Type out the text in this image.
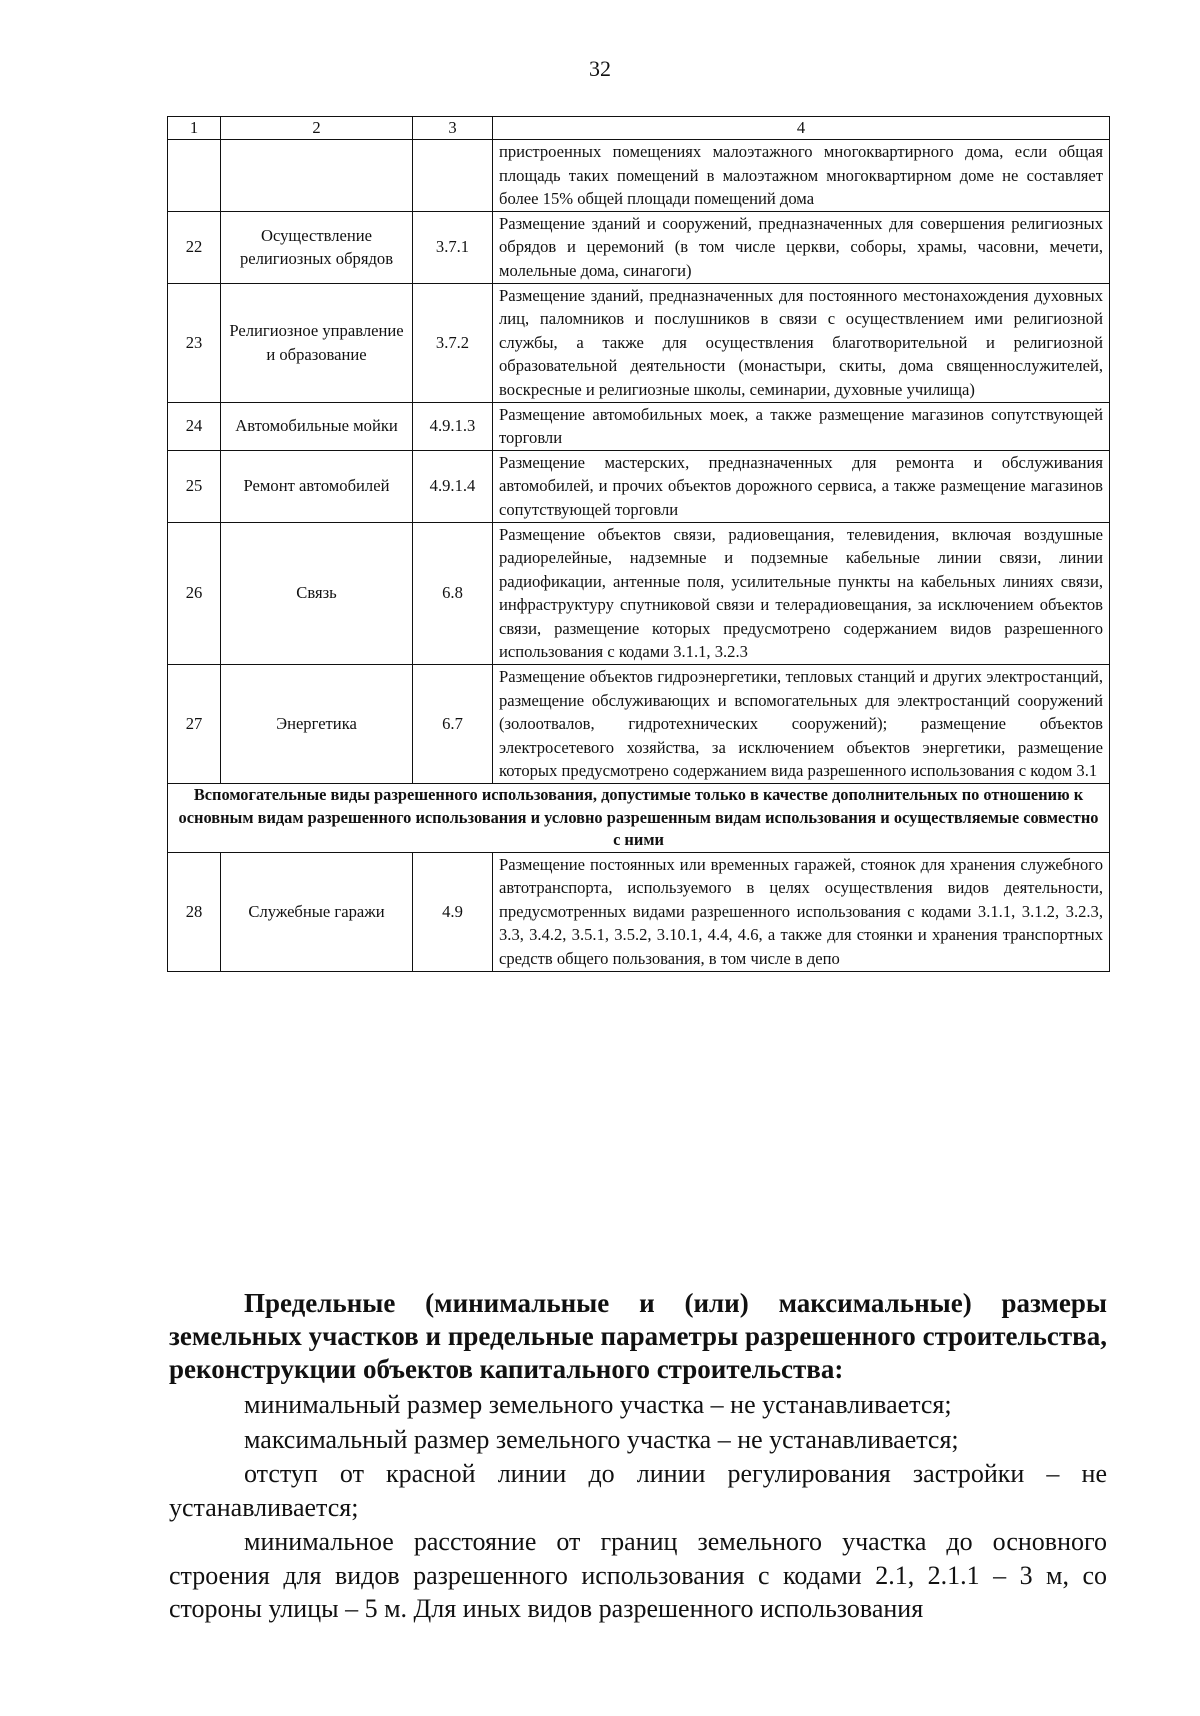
32
1	2	3	4
			пристроенных помещениях малоэтажного многоквартирного дома, если общая площадь таких помещений в малоэтажном многоквартирном доме не составляет более 15% общей площади помещений дома
22	Осуществление религиозных обрядов	3.7.1	Размещение зданий и сооружений, предназначенных для совершения религиозных обрядов и церемоний (в том числе церкви, соборы, храмы, часовни, мечети, молельные дома, синагоги)
23	Религиозное управление и образование	3.7.2	Размещение зданий, предназначенных для постоянного местонахождения духовных лиц, паломников и послушников в связи с осуществлением ими религиозной службы, а также для осуществления благотворительной и религиозной образовательной деятельности (монастыри, скиты, дома священнослужителей, воскресные и религиозные школы, семинарии, духовные училища)
24	Автомобильные мойки	4.9.1.3	Размещение автомобильных моек, а также размещение магазинов сопутствующей торговли
25	Ремонт автомобилей	4.9.1.4	Размещение мастерских, предназначенных для ремонта и обслуживания автомобилей, и прочих объектов дорожного сервиса, а также размещение магазинов сопутствующей торговли
26	Связь	6.8	Размещение объектов связи, радиовещания, телевидения, включая воздушные радиорелейные, надземные и подземные кабельные линии связи, линии радиофикации, антенные поля, усилительные пункты на кабельных линиях связи, инфраструктуру спутниковой связи и телерадиовещания, за исключением объектов связи, размещение которых предусмотрено содержанием видов разрешенного использования с кодами 3.1.1, 3.2.3
27	Энергетика	6.7	Размещение объектов гидроэнергетики, тепловых станций и других электростанций, размещение обслуживающих и вспомогательных для электростанций сооружений (золоотвалов, гидротехнических сооружений); размещение объектов электросетевого хозяйства, за исключением объектов энергетики, размещение которых предусмотрено содержанием вида разрешенного использования с кодом 3.1
Вспомогательные виды разрешенного использования, допустимые только в качестве дополнительных по отношению к основным видам разрешенного использования и условно разрешенным видам использования и осуществляемые совместно с ними			
28	Служебные гаражи	4.9	Размещение постоянных или временных гаражей, стоянок для хранения служебного автотранспорта, используемого в целях осуществления видов деятельности, предусмотренных видами разрешенного использования с кодами 3.1.1, 3.1.2, 3.2.3, 3.3, 3.4.2, 3.5.1, 3.5.2, 3.10.1, 4.4, 4.6, а также для стоянки и хранения транспортных средств общего пользования, в том числе в депо
Предельные (минимальные и (или) максимальные) размеры земельных участков и предельные параметры разрешенного строительства, реконструкции объектов капитального строительства:
минимальный размер земельного участка – не устанавливается;
максимальный размер земельного участка – не устанавливается;
отступ от красной линии до линии регулирования застройки – не устанавливается;
минимальное расстояние от границ земельного участка до основного строения для видов разрешенного использования с кодами 2.1, 2.1.1 – 3 м, со стороны улицы – 5 м. Для иных видов разрешенного использования
